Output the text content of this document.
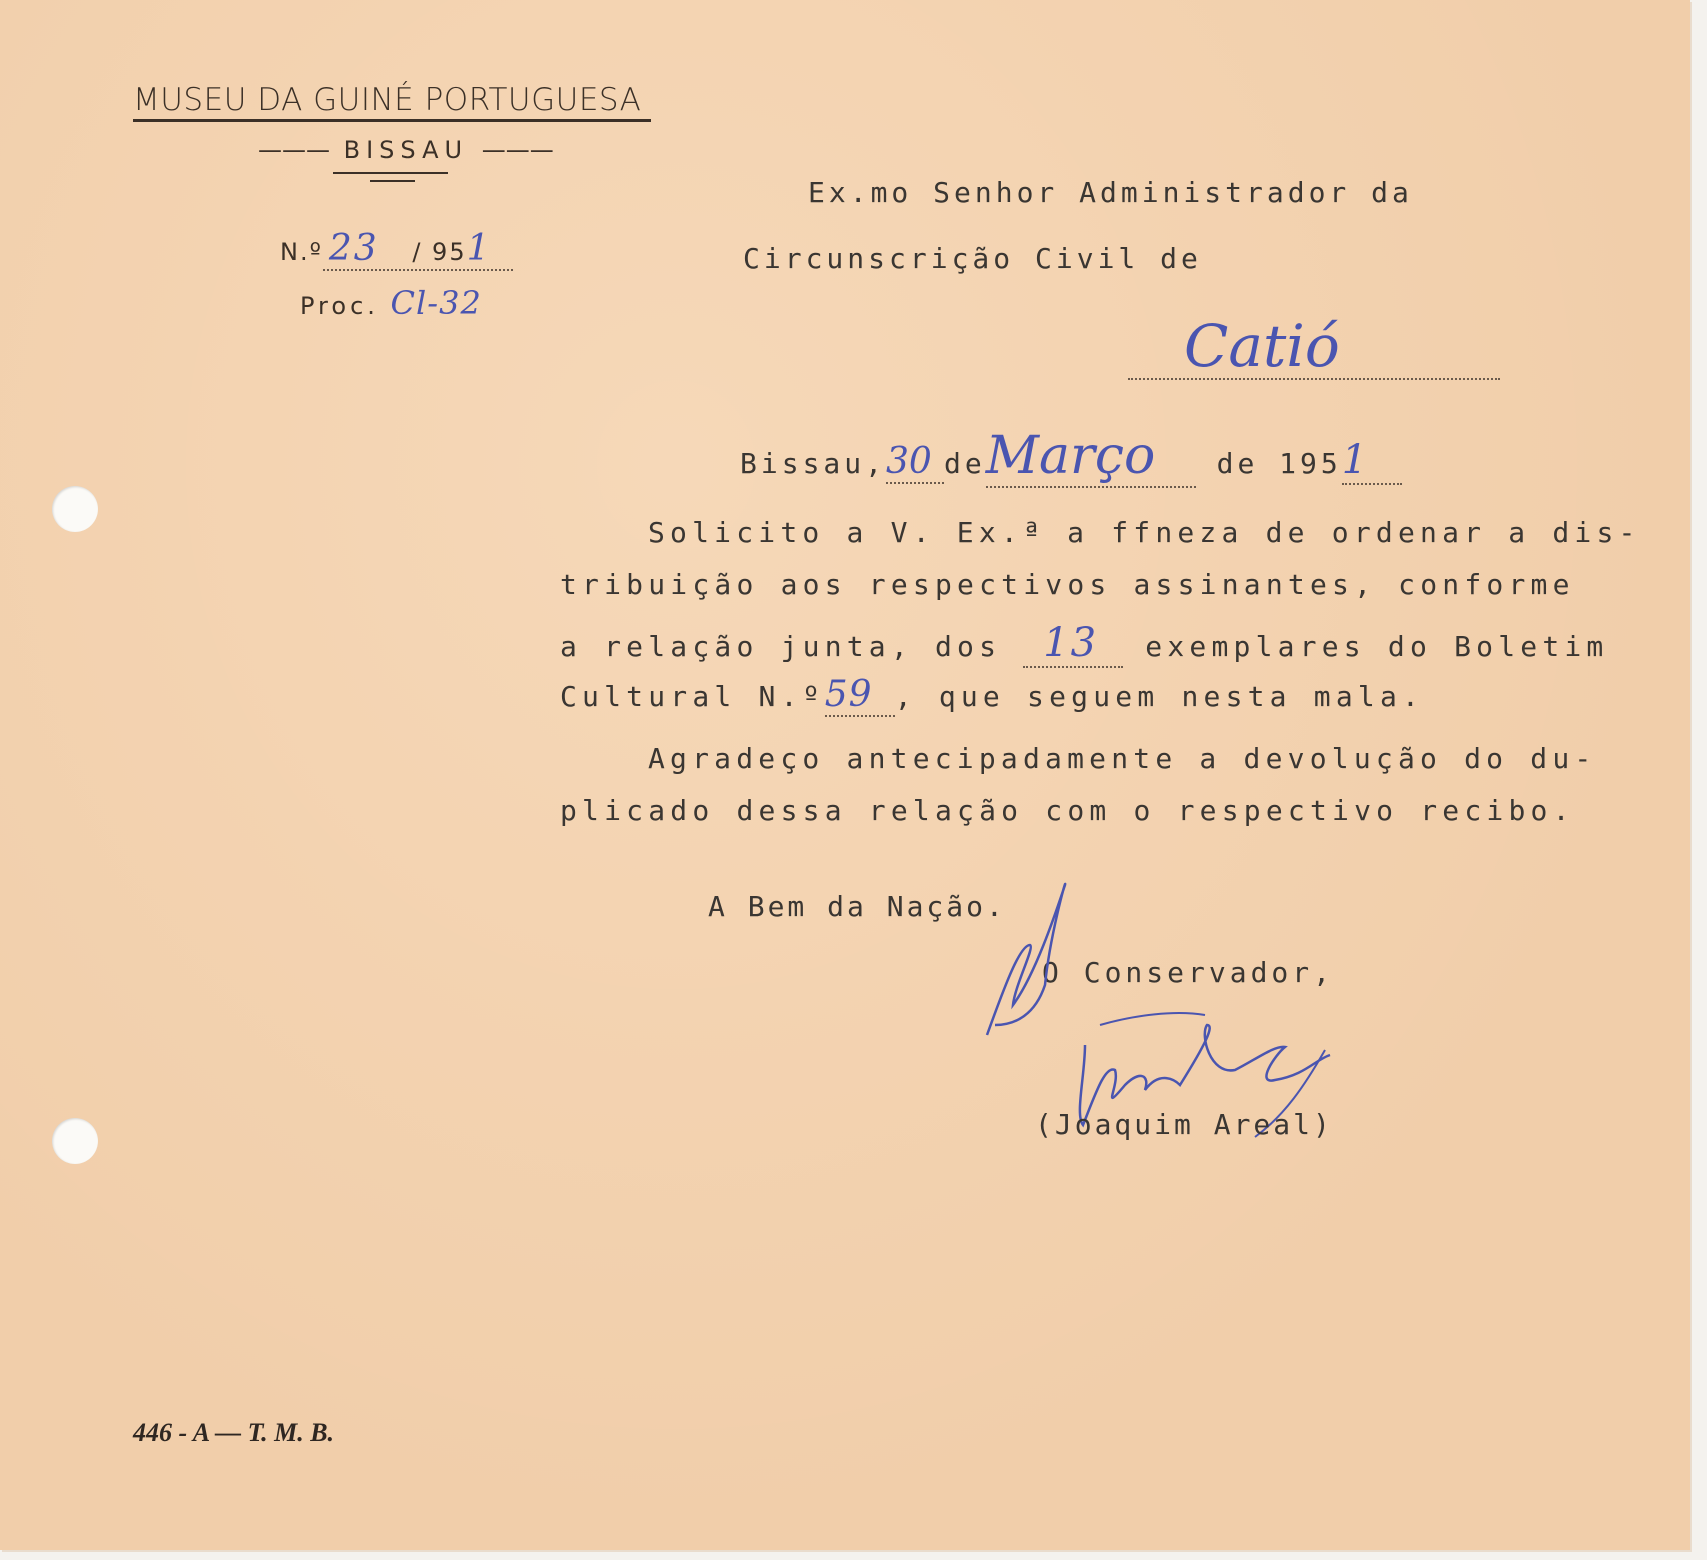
MUSEU DA GUINÉ PORTUGUESA
——— BISSAU ———
N.º 23 / 951
Proc. Cl-32
Ex.mo Senhor Administrador da
Circunscrição Civil de
Catió
Bissau,30 deMarço de 1951
Solicito a V. Ex.ª a ffneza de ordenar a dis-
tribuição aos respectivos assinantes, conforme
a relação junta, dos 13 exemplares do Boletim
Cultural N.º59 , que seguem nesta mala.
Agradeço antecipadamente a devolução do du-
plicado dessa relação com o respectivo recibo.
A Bem da Nação.
O Conservador,
(Joaquim Areal)
446 - A — T. M. B.
